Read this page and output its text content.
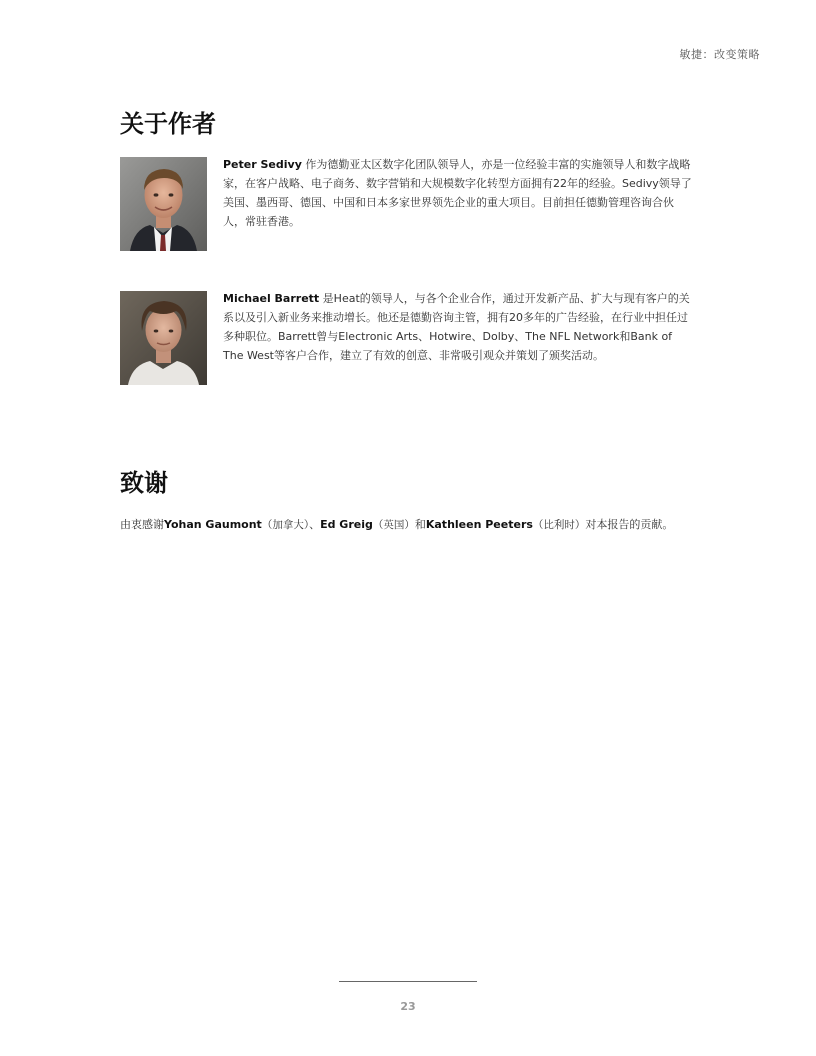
敏捷：改变策略
关于作者

Peter Sedivy 作为德勤亚太区数字化团队领导人，亦是一位经验丰富的实施领导人和数字战略家，在客户战略、电子商务、数字营销和大规模数字化转型方面拥有22年的经验。Sedivy领导了美国、墨西哥、德国、中国和日本多家世界领先企业的重大项目。目前担任德勤管理咨询合伙人，常驻香港。

Michael Barrett 是Heat的领导人，与各个企业合作，通过开发新产品、扩大与现有客户的关系以及引入新业务来推动增长。他还是德勤咨询主管，拥有20多年的广告经验，在行业中担任过多种职位。Barrett曾与Electronic Arts、Hotwire、Dolby、The NFL Network和Bank of The West等客户合作，建立了有效的创意、非常吸引观众并策划了颁奖活动。

致谢

由衷感谢Yohan Gaumont（加拿大）、Ed Greig（英国）和Kathleen Peeters（比利时）对本报告的贡献。

23
